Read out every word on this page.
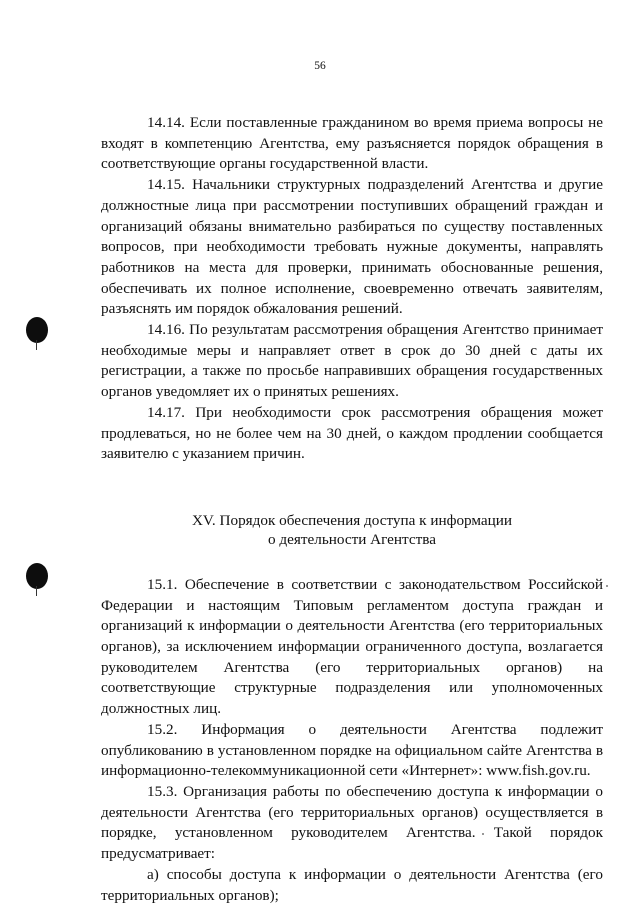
56

14.14. Если поставленные гражданином во время приема вопросы не входят в компетенцию Агентства, ему разъясняется порядок обращения в соответствующие органы государственной власти.

14.15. Начальники структурных подразделений Агентства и другие должностные лица при рассмотрении поступивших обращений граждан и организаций обязаны внимательно разбираться по существу поставленных вопросов, при необходимости требовать нужные документы, направлять работников на места для проверки, принимать обоснованные решения, обеспечивать их полное исполнение, своевременно отвечать заявителям, разъяснять им порядок обжалования решений.

14.16. По результатам рассмотрения обращения Агентство принимает необходимые меры и направляет ответ в срок до 30 дней с даты их регистрации, а также по просьбе направивших обращения государственных органов уведомляет их о принятых решениях.

14.17. При необходимости срок рассмотрения обращения может продлеваться, но не более чем на 30 дней, о каждом продлении сообщается заявителю с указанием причин.

XV. Порядок обеспечения доступа к информации
о деятельности Агентства

15.1. Обеспечение в соответствии с законодательством Российской Федерации и настоящим Типовым регламентом доступа граждан и организаций к информации о деятельности Агентства (его территориальных органов), за исключением информации ограниченного доступа, возлагается руководителем Агентства (его территориальных органов) на соответствующие структурные подразделения или уполномоченных должностных лиц.

15.2. Информация о деятельности Агентства подлежит опубликованию в установленном порядке на официальном сайте Агентства в информационно-телекоммуникационной сети «Интернет»: www.fish.gov.ru.

15.3. Организация работы по обеспечению доступа к информации о деятельности Агентства (его территориальных органов) осуществляется в порядке, установленном руководителем Агентства. Такой порядок предусматривает:

а) способы доступа к информации о деятельности Агентства (его территориальных органов);
